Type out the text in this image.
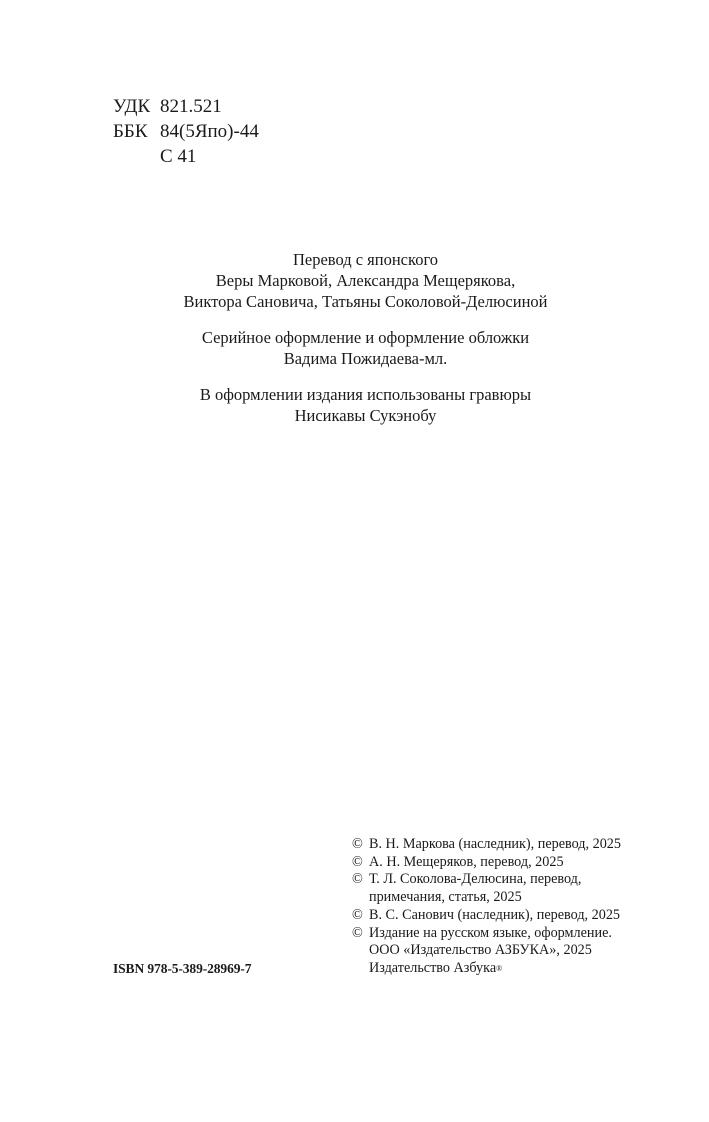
УДК 821.521
ББК 84(5Япо)-44
С 41
Перевод с японского
Веры Марковой, Александра Мещерякова,
Виктора Сановича, Татьяны Соколовой-Делюсиной
Серийное оформление и оформление обложки
Вадима Пожидаева-мл.
В оформлении издания использованы гравюры
Нисикавы Сукэнобу
© В. Н. Маркова (наследник), перевод, 2025
© А. Н. Мещеряков, перевод, 2025
© Т. Л. Соколова-Делюсина, перевод,
примечания, статья, 2025
© В. С. Санович (наследник), перевод, 2025
© Издание на русском языке, оформление.
ООО «Издательство АЗБУКА», 2025
Издательство Азбука®
ISBN 978-5-389-28969-7
